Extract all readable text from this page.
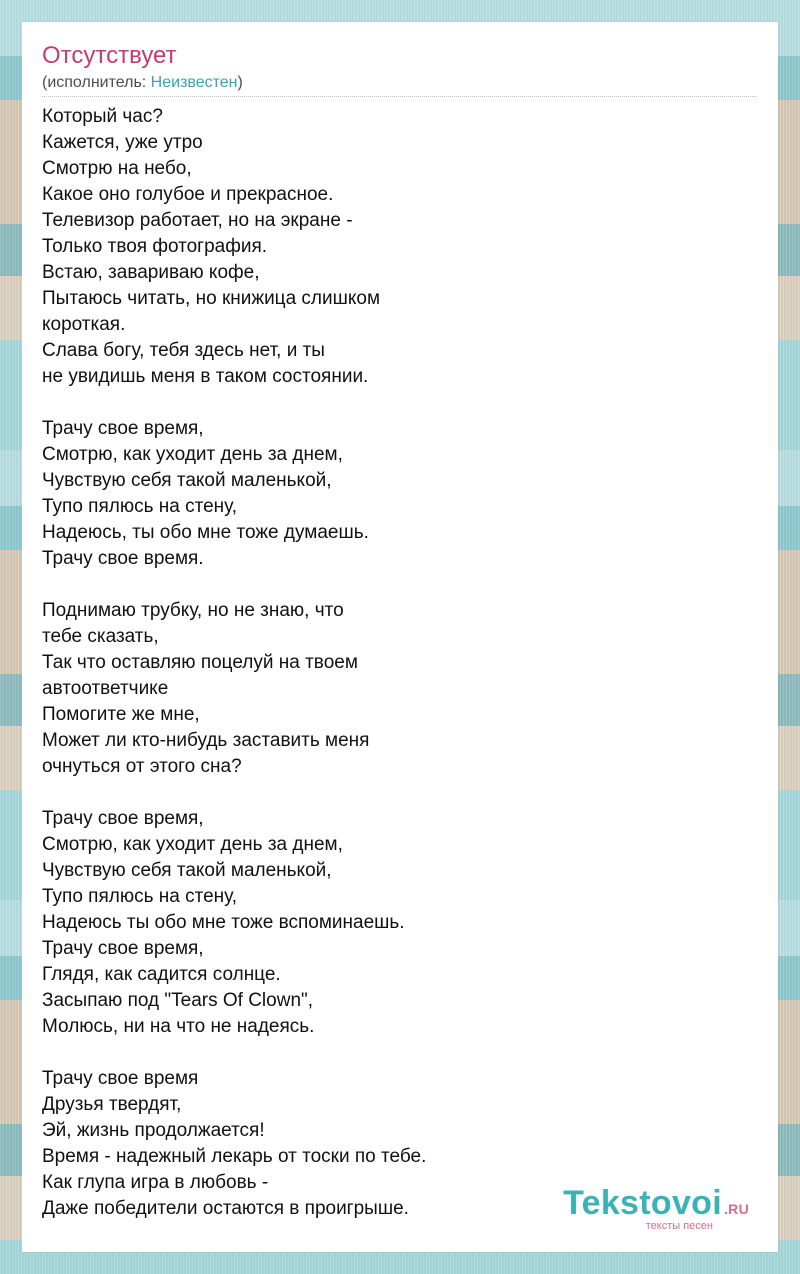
Отсутствует
(исполнитель: Неизвестен)
Который час?
Кажется, уже утро
Смотрю на небо,
Какое оно голубое и прекрасное.
Телевизор работает, но на экране -
Только твоя фотография.
Встаю, завариваю кофе,
Пытаюсь читать, но книжица слишком
короткая.
Слава богу, тебя здесь нет, и ты
не увидишь меня в таком состоянии.
Трачу свое время,
Смотрю, как уходит день за днем,
Чувствую себя такой маленькой,
Тупо пялюсь на стену,
Надеюсь, ты обо мне тоже думаешь.
Трачу свое время.
Поднимаю трубку, но не знаю, что
тебе сказать,
Так что оставляю поцелуй на твоем
автоответчике
Помогите же мне,
Может ли кто-нибудь заставить меня
очнуться от этого сна?
Трачу свое время,
Смотрю, как уходит день за днем,
Чувствую себя такой маленькой,
Тупо пялюсь на стену,
Надеюсь ты обо мне тоже вспоминаешь.
Трачу свое время,
Глядя, как садится солнце.
Засыпаю под "Tears Of Clown",
Молюсь, ни на что не надеясь.
Трачу свое время
Друзья твердят,
Эй, жизнь продолжается!
Время - надежный лекарь от тоски по тебе.
Как глупа игра в любовь -
Даже победители остаются в проигрыше.	Tekstovoi .RU
тексты песен
